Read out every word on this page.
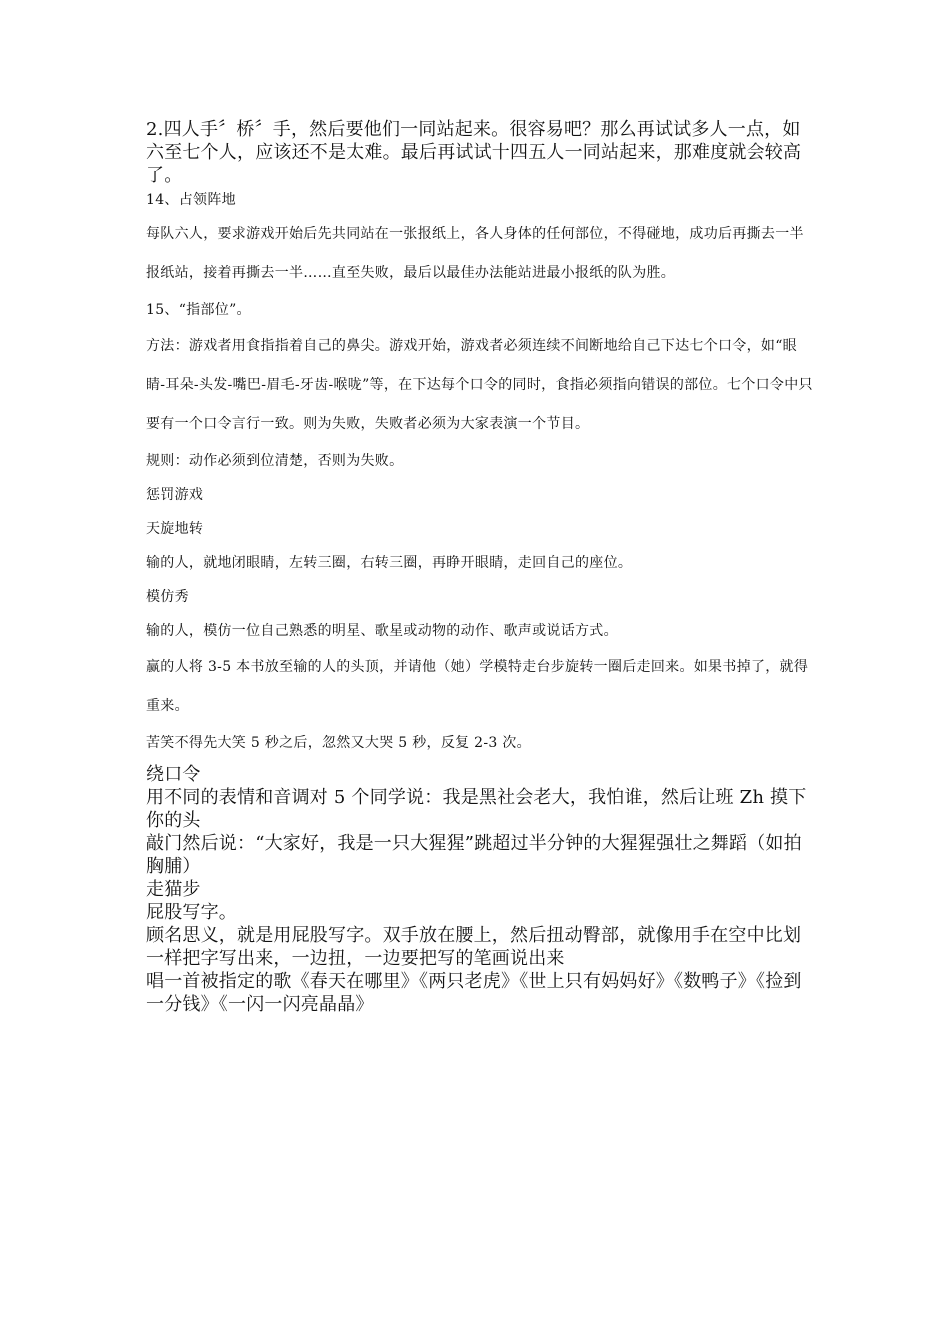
2.四人手〞桥〞手，然后要他们一同站起来。很容易吧？那么再试试多人一点，如六至七个人，应该还不是太难。最后再试试十四五人一同站起来，那难度就会较高了。

14、占领阵地

每队六人，要求游戏开始后先共同站在一张报纸上，各人身体的任何部位，不得碰地，成功后再撕去一半报纸站，接着再撕去一半……直至失败，最后以最佳办法能站进最小报纸的队为胜。

15、“指部位”。

方法：游戏者用食指指着自己的鼻尖。游戏开始，游戏者必须连续不间断地给自己下达七个口令，如“眼睛-耳朵-头发-嘴巴-眉毛-牙齿-喉咙”等，在下达每个口令的同时，食指必须指向错误的部位。七个口令中只要有一个口令言行一致。则为失败，失败者必须为大家表演一个节目。

规则：动作必须到位清楚，否则为失败。

惩罚游戏

天旋地转

输的人，就地闭眼睛，左转三圈，右转三圈，再睁开眼睛，走回自己的座位。

模仿秀

输的人，模仿一位自己熟悉的明星、歌星或动物的动作、歌声或说话方式。

赢的人将 3-5 本书放至输的人的头顶，并请他（她）学模特走台步旋转一圈后走回来。如果书掉了，就得重来。

苦笑不得先大笑 5 秒之后，忽然又大哭 5 秒，反复 2-3 次。

绕口令

用不同的表情和音调对 5 个同学说：我是黑社会老大，我怕谁，然后让班 Zh 摸下你的头

敲门然后说：“大家好，我是一只大猩猩”跳超过半分钟的大猩猩强壮之舞蹈（如拍胸脯）

走猫步

屁股写字。

顾名思义，就是用屁股写字。双手放在腰上，然后扭动臀部，就像用手在空中比划一样把字写出来，一边扭，一边要把写的笔画说出来

唱一首被指定的歌《春天在哪里》《两只老虎》《世上只有妈妈好》《数鸭子》《捡到一分钱》《一闪一闪亮晶晶》
